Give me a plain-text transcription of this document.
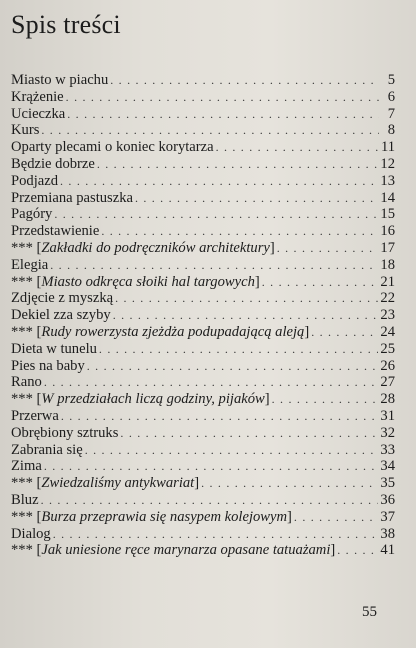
Spis treści
Miasto w piachu . . .	5
Krążenie . . .	6
Ucieczka . . .	7
Kurs . . .	8
Oparty plecami o koniec korytarza . . .	11
Będzie dobrze . . .	12
Podjazd . . .	13
Przemiana pastuszka . . .	14
Pagóry . . .	15
Przedstawienie . . .	16
*** [Zakładki do podręczników architektury] . . .	17
Elegia . . .	18
*** [Miasto odkręca słoiki hal targowych] . . .	21
Zdjęcie z myszką . . .	22
Dekiel zza szyby . . .	23
*** [Rudy rowerzysta zjeżdża podupadającą aleją] . . .	24
Dieta w tunelu . . .	25
Pies na baby . . .	26
Rano . . .	27
*** [W przedziałach liczą godziny, pijaków] . . .	28
Przerwa . . .	31
Obrębiony sztruks . . .	32
Zabrania się . . .	33
Zima . . .	34
*** [Zwiedzaliśmy antykwariat] . . .	35
Bluz . . .	36
*** [Burza przeprawia się nasypem kolejowym] . . .	37
Dialog . . .	38
*** [Jak uniesione ręce marynarza opasane tatuażami] . . .	41
55
